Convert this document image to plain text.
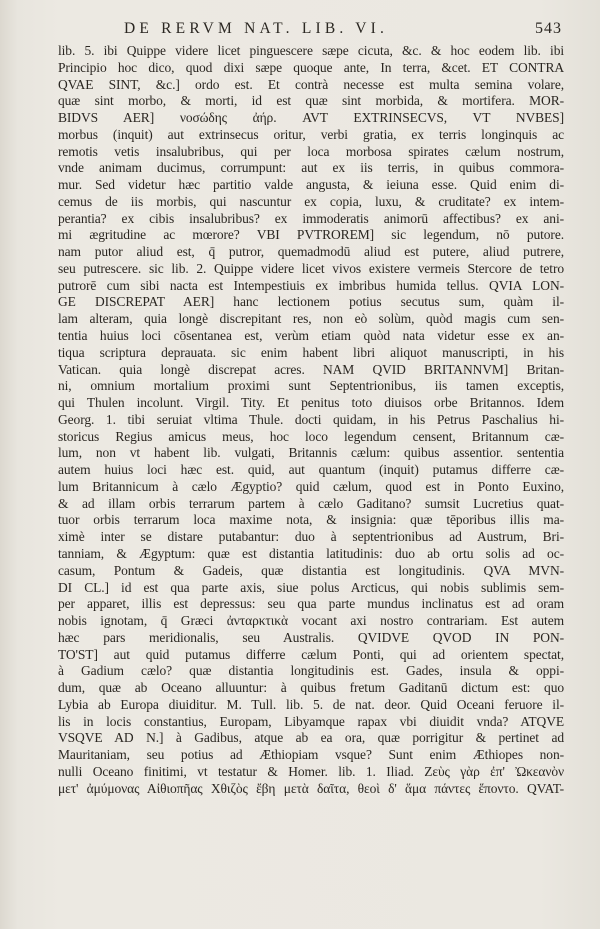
DE RERVM NAT. LIB. VI.	543
lib. 5. ibi Quippe videre licet pinguescere sæpe cicuta, &c. & hoc eodem lib. ibi
Principio hoc dico, quod dixi sæpe quoque ante, In terra, &cet. ET CONTRA
QVAE SINT, &c.] ordo est. Et contrà necesse est multa semina volare,
quæ sint morbo, & morti, id est quæ sint morbida, & mortifera. MOR-
BIDVS AER] νοσώδης ἀήρ. AVT EXTRINSECVS, VT NVBES]
morbus (inquit) aut extrinsecus oritur, verbi gratia, ex terris longinquis ac
remotis vetis insalubribus, qui per loca morbosa spirates cælum nostrum,
vnde animam ducimus, corrumpunt: aut ex iis terris, in quibus commora-
mur. Sed videtur hæc partitio valde angusta, & ieiuna esse. Quid enim di-
cemus de iis morbis, qui nascuntur ex copia, luxu, & cruditate? ex intem-
perantia? ex cibis insalubribus? ex immoderatis animorū affectibus? ex ani-
mi ægritudine ac mœrore? VBI PVTROREM] sic legendum, nō putore.
nam putor aliud est, q̄ putror, quemadmodū aliud est putere, aliud putrere,
seu putrescere. sic lib. 2. Quippe videre licet vivos existere vermeis Stercore de tetro
putrorē cum sibi nacta est Intempestiuis ex imbribus humida tellus. QVIA LON-
GE DISCREPAT AER] hanc lectionem potius secutus sum, quàm il-
lam alteram, quia longè discrepitant res, non eò solùm, quòd magis cum sen-
tentia huius loci cōsentanea est, verùm etiam quòd nata videtur esse ex an-
tiqua scriptura deprauata. sic enim habent libri aliquot manuscripti, in his
Vatican. quia longè discrepat acres. NAM QVID BRITANNVM] Britan-
ni, omnium mortalium proximi sunt Septentrionibus, iis tamen exceptis,
qui Thulen incolunt. Virgil. Tity. Et penitus toto diuisos orbe Britannos. Idem
Georg. 1. tibi seruiat vltima Thule. docti quidam, in his Petrus Paschalius hi-
storicus Regius amicus meus, hoc loco legendum censent, Britannum cæ-
lum, non vt habent lib. vulgati, Britannis cælum: quibus assentior. sententia
autem huius loci hæc est. quid, aut quantum (inquit) putamus differre cæ-
lum Britannicum à cælo Ægyptio? quid cælum, quod est in Ponto Euxino,
& ad illam orbis terrarum partem à cælo Gaditano? sumsit Lucretius quat-
tuor orbis terrarum loca maxime nota, & insignia: quæ tēporibus illis ma-
ximè inter se distare putabantur: duo à septentrionibus ad Austrum, Bri-
tanniam, & Ægyptum: quæ est distantia latitudinis: duo ab ortu solis ad oc-
casum, Pontum & Gadeis, quæ distantia est longitudinis. QVA MVN-
DI CL.] id est qua parte axis, siue polus Arcticus, qui nobis sublimis sem-
per apparet, illis est depressus: seu qua parte mundus inclinatus est ad oram
nobis ignotam, q̄ Græci ἀνταρκτικὰ vocant axi nostro contrariam. Est autem
hæc pars meridionalis, seu Australis. QVIDVE QVOD IN PON-
TO'ST] aut quid putamus differre cælum Ponti, qui ad orientem spectat,
à Gadium cælo? quæ distantia longitudinis est. Gades, insula & oppi-
dum, quæ ab Oceano alluuntur: à quibus fretum Gaditanū dictum est: quo
Lybia ab Europa diuiditur. M. Tull. lib. 5. de nat. deor. Quid Oceani feruore il-
lis in locis constantius, Europam, Libyamque rapax vbi diuidit vnda? ATQVE
VSQVE AD N.] à Gadibus, atque ab ea ora, quæ porrigitur & pertinet ad
Mauritaniam, seu potius ad Æthiopiam vsque? Sunt enim Æthiopes non-
nulli Oceano finitimi, vt testatur & Homer. lib. 1. Iliad. Ζεὺς γὰρ ἐπ' Ὠκεανὸν
μετ' ἀμύμονας Αἰθιοπῆας Χθιζὸς ἔβη μετὰ δαῖτα, θεοὶ δ' ἅμα πάντες ἕποντο. QVAT-
